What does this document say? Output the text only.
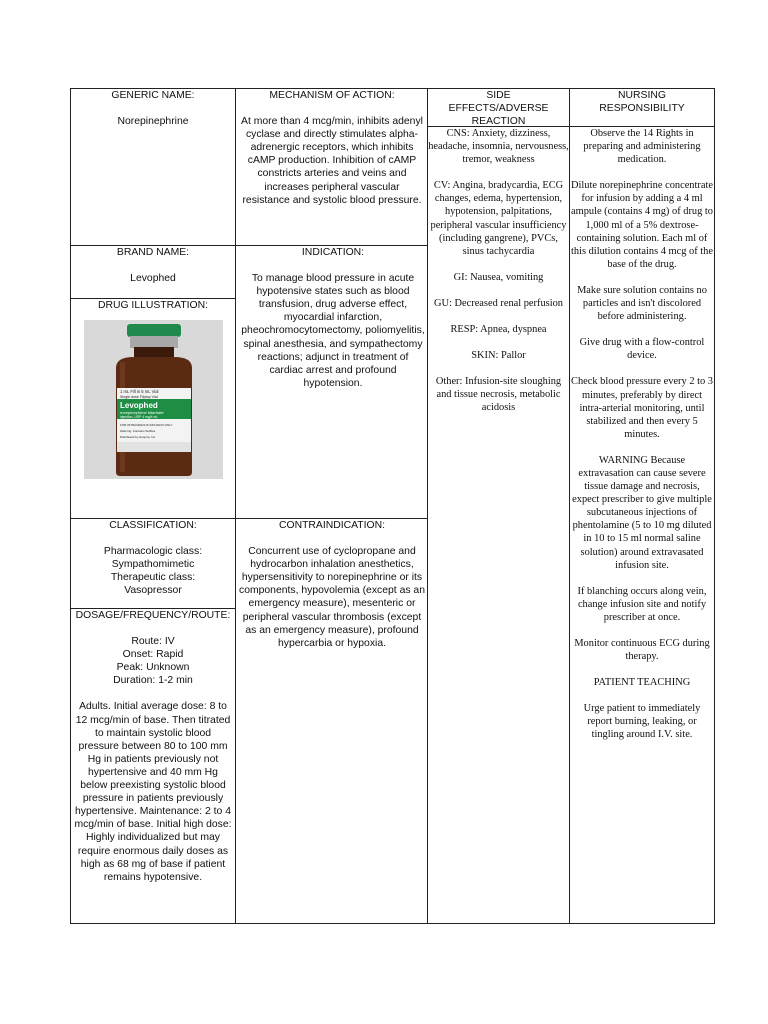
GENERIC NAME:
Norepinephrine
BRAND NAME:
Levophed
DRUG ILLUSTRATION:
1 mL Fill in 5 mL Vial
Single dose Fliptop Vial
Levophed
norepinephrine bitartrate
injection, USP 4 mg/4 mL
FOR INTRAVENOUS INFUSION ONLY
Warning: Contains Sulfites
Distributed by Hospira, Inc.
CLASSIFICATION:
Pharmacologic class:
Sympathomimetic
Therapeutic class:
Vasopressor
DOSAGE/FREQUENCY/ROUTE:
Route: IV
Onset: Rapid
Peak: Unknown
Duration: 1-2 min
Adults. Initial average dose: 8 to 12 mcg/min of base. Then titrated to maintain systolic blood pressure between 80 to 100 mm Hg in patients previously not hypertensive and 40 mm Hg below preexisting systolic blood pressure in patients previously hypertensive. Maintenance: 2 to 4 mcg/min of base. Initial high dose: Highly individualized but may require enormous daily doses as high as 68 mg of base if patient remains hypotensive.
MECHANISM OF ACTION:
At more than 4 mcg/min, inhibits adenyl cyclase and directly stimulates alpha-adrenergic receptors, which inhibits cAMP production. Inhibition of cAMP constricts arteries and veins and increases peripheral vascular resistance and systolic blood pressure.
INDICATION:
To manage blood pressure in acute hypotensive states such as blood transfusion, drug adverse effect, myocardial infarction, pheochromocytomectomy, poliomyelitis, spinal anesthesia, and sympathectomy reactions; adjunct in treatment of cardiac arrest and profound hypotension.
CONTRAINDICATION:
Concurrent use of cyclopropane and hydrocarbon inhalation anesthetics, hypersensitivity to norepinephrine or its components, hypovolemia (except as an emergency measure), mesenteric or peripheral vascular thrombosis (except as an emergency measure), profound hypercarbia or hypoxia.
SIDE
EFFECTS/ADVERSE
REACTION
CNS: Anxiety, dizziness, headache, insomnia, nervousness, tremor, weakness
CV: Angina, bradycardia, ECG changes, edema, hypertension, hypotension, palpitations, peripheral vascular insufficiency (including gangrene), PVCs, sinus tachycardia
GI: Nausea, vomiting
GU: Decreased renal perfusion
RESP: Apnea, dyspnea
SKIN: Pallor
Other: Infusion-site sloughing and tissue necrosis, metabolic acidosis
NURSING
RESPONSIBILITY
Observe the 14 Rights in preparing and administering medication.
Dilute norepinephrine concentrate for infusion by adding a 4 ml ampule (contains 4 mg) of drug to 1,000 ml of a 5% dextrose-containing solution. Each ml of this dilution contains 4 mcg of the base of the drug.
Make sure solution contains no particles and isn't discolored before administering.
Give drug with a flow-control device.
Check blood pressure every 2 to 3 minutes, preferably by direct intra-arterial monitoring, until stabilized and then every 5 minutes.
WARNING Because extravasation can cause severe tissue damage and necrosis, expect prescriber to give multiple subcutaneous injections of phentolamine (5 to 10 mg diluted in 10 to 15 ml normal saline solution) around extravasated infusion site.
If blanching occurs along vein, change infusion site and notify prescriber at once.
Monitor continuous ECG during therapy.
PATIENT TEACHING
Urge patient to immediately report burning, leaking, or tingling around I.V. site.
